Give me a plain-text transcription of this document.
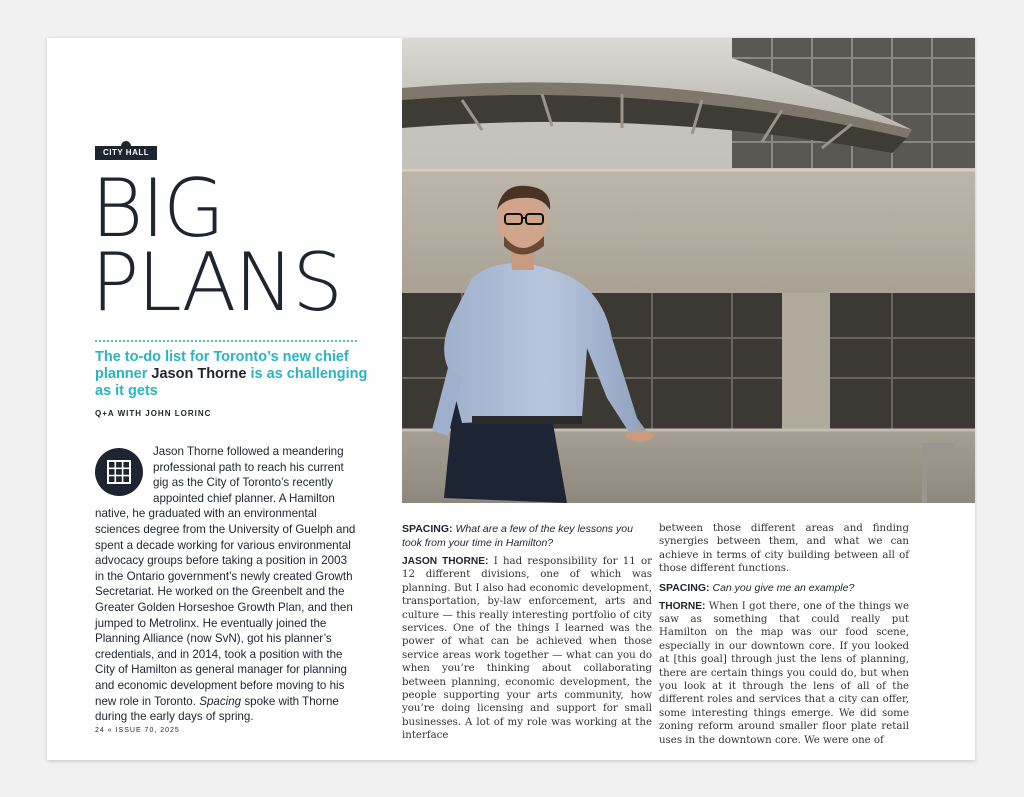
CITY HALL
BIG
PLANS
The to-do list for Toronto’s new chief planner Jason Thorne is as challenging as it gets
Q+A WITH JOHN LORINC
Jason Thorne followed a meandering professional path to reach his current gig as the City of Toronto’s recently appointed chief planner. A Hamilton native, he graduated with an environmental sciences degree from the University of Guelph and spent a decade working for various environmental advocacy groups before taking a position in 2003 in the Ontario government’s newly created Growth Secretariat. He worked on the Greenbelt and the Greater Golden Horseshoe Growth Plan, and then jumped to Metrolinx. He eventually joined the Planning Alliance (now SvN), got his planner’s credentials, and in 2014, took a position with the City of Hamilton as general manager for planning and economic development before moving to his new role in Toronto. Spacing spoke with Thorne during the early days of spring.
24 « ISSUE 70, 2025

SPACING: What are a few of the key lessons you took from your time in Hamilton?

JASON THORNE: I had responsibility for 11 or 12 different divisions, one of which was planning. But I also had economic development, transportation, by-law enforcement, arts and culture — this really interesting portfolio of city services. One of the things I learned was the power of what can be achieved when those service areas work together — what can you do when you’re thinking about collaborating between planning, economic development, the people supporting your arts community, how you’re doing licensing and support for small businesses. A lot of my role was working at the interface

between those different areas and finding synergies between them, and what we can achieve in terms of city building between all of those different functions.

SPACING: Can you give me an example?

THORNE: When I got there, one of the things we saw as something that could really put Hamilton on the map was our food scene, especially in our downtown core. If you looked at [this goal] through just the lens of planning, there are certain things you could do, but when you look at it through the lens of all of the different roles and services that a city can offer, some interesting things emerge. We did some zoning reform around smaller floor plate retail uses in the downtown core. We were one of
